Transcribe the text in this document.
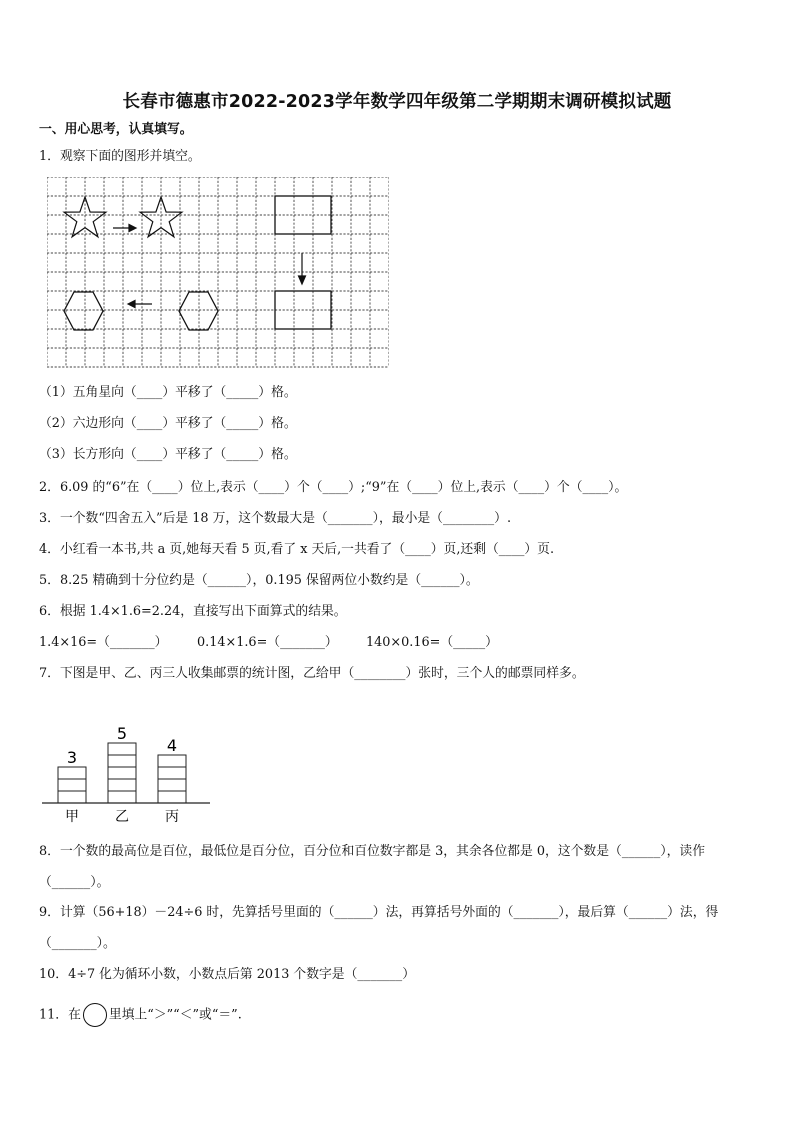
长春市德惠市2022-2023学年数学四年级第二学期期末调研模拟试题
一、用心思考，认真填写。
1．观察下面的图形并填空。
（1）五角星向（____）平移了（_____）格。
（2）六边形向（____）平移了（_____）格。
（3）长方形向（____）平移了（_____）格。
2．6.09 的“6”在（____）位上,表示（____）个（____）;“9”在（____）位上,表示（____）个（____）。
3．一个数“四舍五入”后是 18 万，这个数最大是（_______），最小是（________）.
4．小红看一本书,共 a 页,她每天看 5 页,看了 x 天后,一共看了（____）页,还剩（____）页.
5．8.25 精确到十分位约是（______），0.195 保留两位小数约是（______）。
6．根据 1.4×1.6=2.24，直接写出下面算式的结果。
1.4×16=（_______） 0.14×1.6=（_______） 140×0.16=（_____）
7．下图是甲、乙、丙三人收集邮票的统计图，乙给甲（________）张时，三个人的邮票同样多。
3
甲
5
乙
4
丙
8．一个数的最高位是百位，最低位是百分位，百分位和百位数字都是 3，其余各位都是 0，这个数是（______），读作（______）。
9．计算（56+18）－24÷6 时，先算括号里面的（______）法，再算括号外面的（_______），最后算（______）法，得（_______）。
10．4÷7 化为循环小数，小数点后第 2013 个数字是（_______）
11．在 里填上“＞”“＜”或“＝”.
